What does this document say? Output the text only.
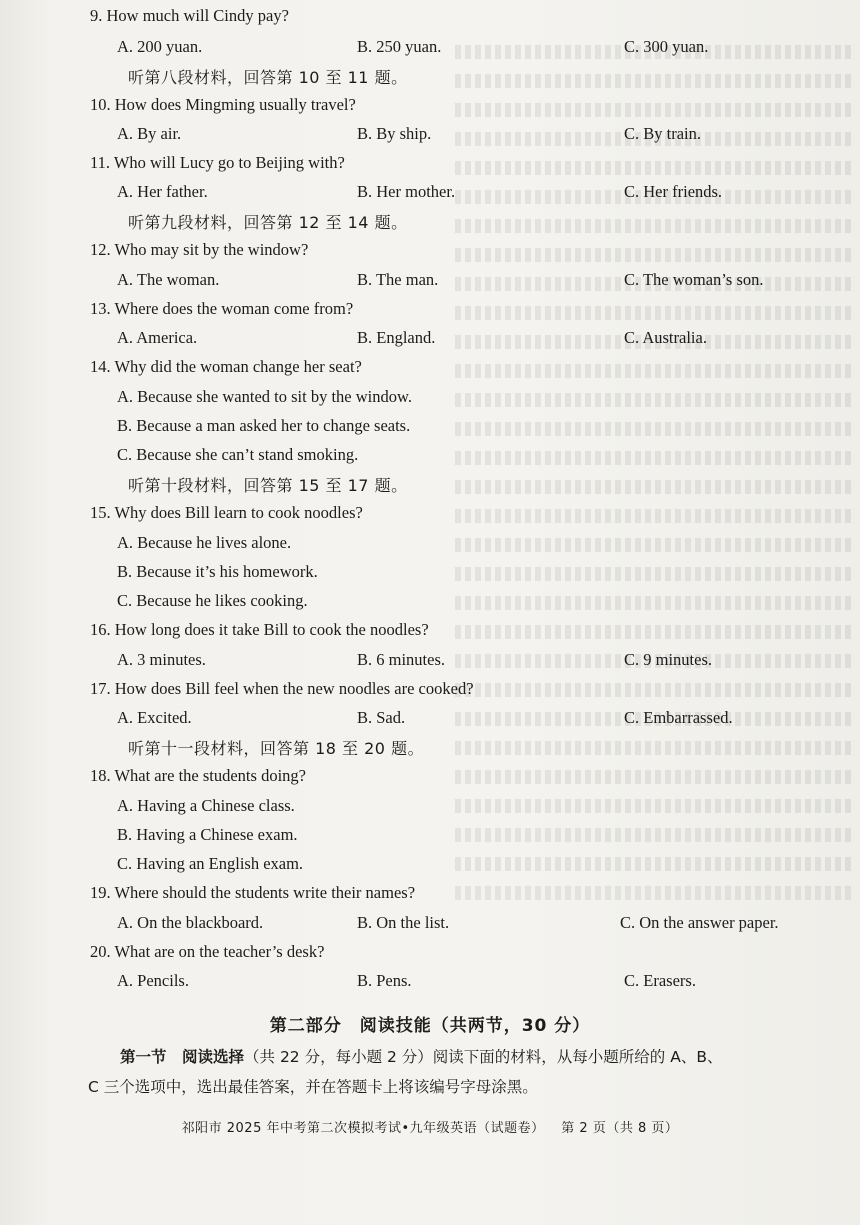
9. How much will Cindy pay?
A. 200 yuan.	B. 250 yuan.	C. 300 yuan.
听第八段材料，回答第 10 至 11 题。
10. How does Mingming usually travel?
A. By air.	B. By ship.	C. By train.
11. Who will Lucy go to Beijing with?
A. Her father.	B. Her mother.	C. Her friends.
听第九段材料，回答第 12 至 14 题。
12. Who may sit by the window?
A. The woman.	B. The man.	C. The woman’s son.
13. Where does the woman come from?
A. America.	B. England.	C. Australia.
14. Why did the woman change her seat?
A. Because she wanted to sit by the window.
B. Because a man asked her to change seats.
C. Because she can’t stand smoking.
听第十段材料，回答第 15 至 17 题。
15. Why does Bill learn to cook noodles?
A. Because he lives alone.
B. Because it’s his homework.
C. Because he likes cooking.
16. How long does it take Bill to cook the noodles?
A. 3 minutes.	B. 6 minutes.	C. 9 minutes.
17. How does Bill feel when the new noodles are cooked?
A. Excited.	B. Sad.	C. Embarrassed.
听第十一段材料，回答第 18 至 20 题。
18. What are the students doing?
A. Having a Chinese class.
B. Having a Chinese exam.
C. Having an English exam.
19. Where should the students write their names?
A. On the blackboard.	B. On the list.	C. On the answer paper.
20. What are on the teacher’s desk?
A. Pencils.	B. Pens.	C. Erasers.
第二部分　阅读技能（共两节，30 分）
第一节　阅读选择（共 22 分，每小题 2 分）阅读下面的材料，从每小题所给的 A、B、
C 三个选项中，选出最佳答案，并在答题卡上将该编号字母涂黑。
祁阳市 2025 年中考第二次模拟考试•九年级英语（试题卷） 第 2 页（共 8 页）
